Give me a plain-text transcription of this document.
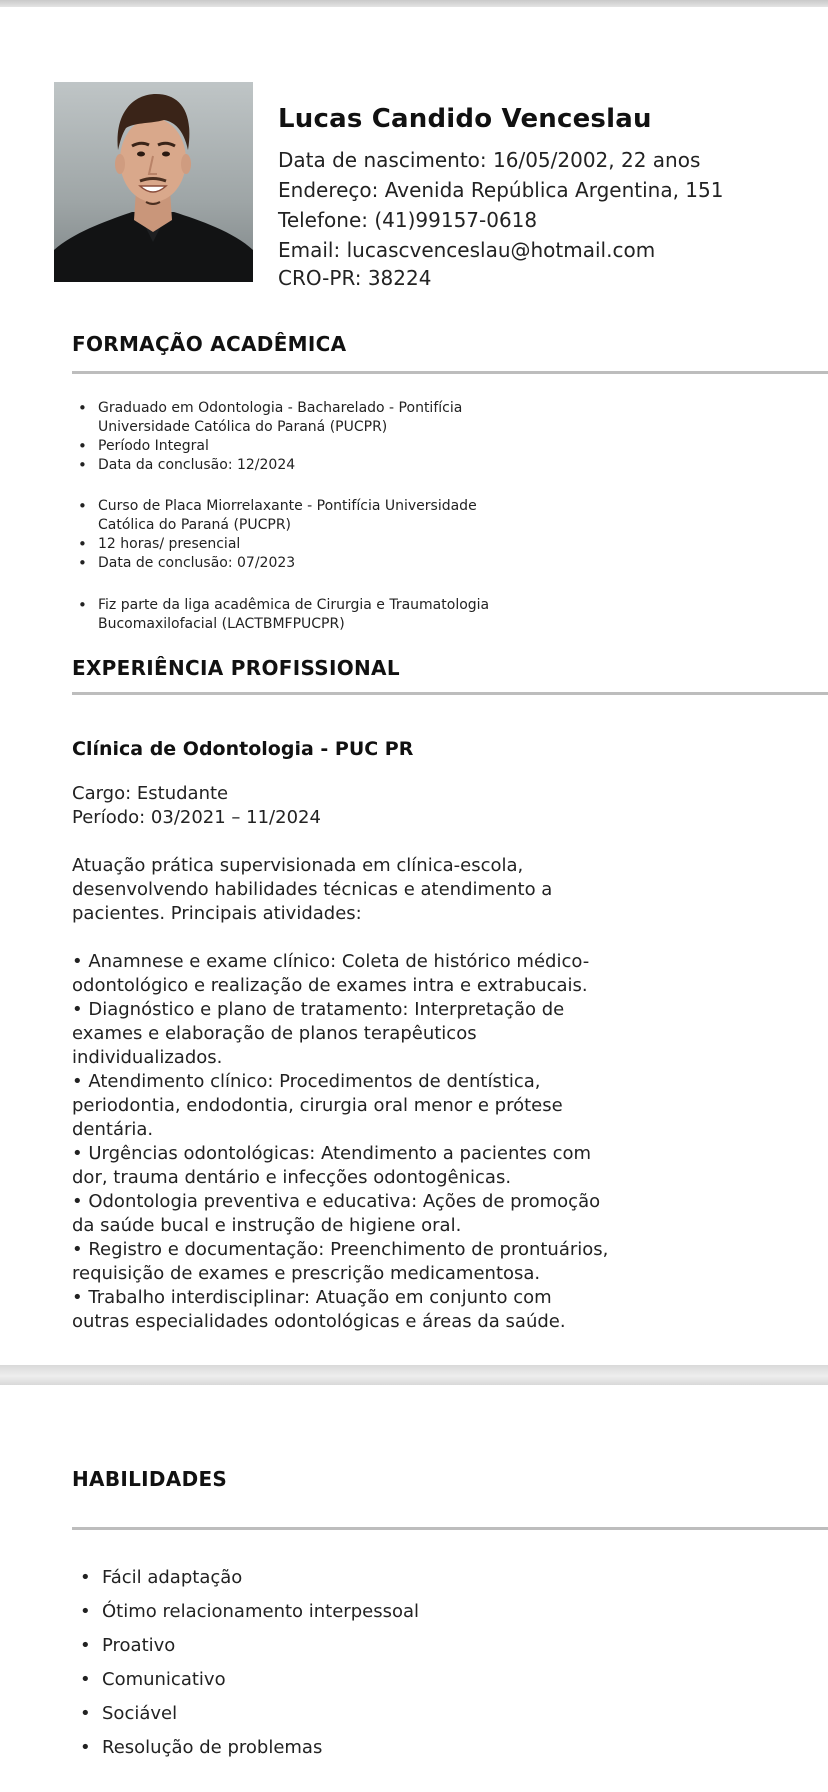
Lucas Candido Venceslau
Data de nascimento: 16/05/2002, 22 anos
Endereço: Avenida República Argentina, 151
Telefone: (41)99157-0618
Email: lucascvenceslau@hotmail.com
CRO-PR: 38224
FORMAÇÃO ACADÊMICA
• Graduado em Odontologia - Bacharelado - Pontifícia Universidade Católica do Paraná (PUCPR)
• Período Integral
• Data da conclusão: 12/2024
• Curso de Placa Miorrelaxante - Pontifícia Universidade Católica do Paraná (PUCPR)
• 12 horas/ presencial
• Data de conclusão: 07/2023
• Fiz parte da liga acadêmica de Cirurgia e Traumatologia Bucomaxilofacial (LACTBMFPUCPR)
EXPERIÊNCIA PROFISSIONAL
Clínica de Odontologia - PUC PR
Cargo: Estudante
Período: 03/2021 – 11/2024
Atuação prática supervisionada em clínica-escola, desenvolvendo habilidades técnicas e atendimento a pacientes. Principais atividades:
• Anamnese e exame clínico: Coleta de histórico médico-odontológico e realização de exames intra e extrabucais.
• Diagnóstico e plano de tratamento: Interpretação de exames e elaboração de planos terapêuticos individualizados.
• Atendimento clínico: Procedimentos de dentística, periodontia, endodontia, cirurgia oral menor e prótese dentária.
• Urgências odontológicas: Atendimento a pacientes com dor, trauma dentário e infecções odontogênicas.
• Odontologia preventiva e educativa: Ações de promoção da saúde bucal e instrução de higiene oral.
• Registro e documentação: Preenchimento de prontuários, requisição de exames e prescrição medicamentosa.
• Trabalho interdisciplinar: Atuação em conjunto com outras especialidades odontológicas e áreas da saúde.
HABILIDADES
• Fácil adaptação
• Ótimo relacionamento interpessoal
• Proativo
• Comunicativo
• Sociável
• Resolução de problemas
